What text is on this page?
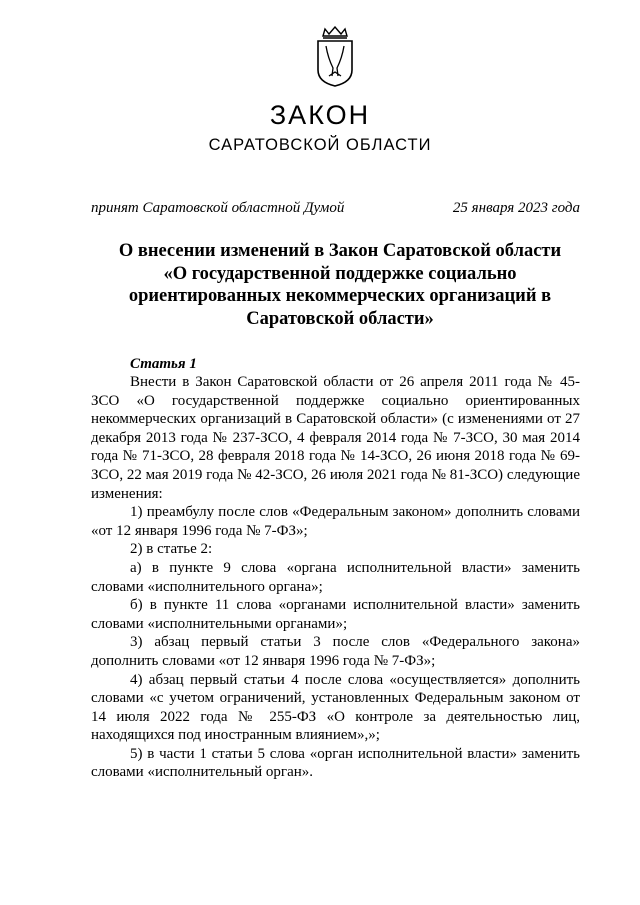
ЗАКОН
САРАТОВСКОЙ ОБЛАСТИ
принят Саратовской областной Думой	25 января 2023 года
О внесении изменений в Закон Саратовской области
«О государственной поддержке социально
ориентированных некоммерческих организаций в
Саратовской области»
Статья 1

Внести в Закон Саратовской области от 26 апреля 2011 года № 45-ЗСО «О государственной поддержке социально ориентированных некоммерческих организаций в Саратовской области» (с изменениями от 27 декабря 2013 года № 237-ЗСО, 4 февраля 2014 года № 7-ЗСО, 30 мая 2014 года № 71-ЗСО, 28 февраля 2018 года № 14-ЗСО, 26 июня 2018 года № 69-ЗСО, 22 мая 2019 года № 42-ЗСО, 26 июля 2021 года № 81-ЗСО) следующие изменения:

1) преамбулу после слов «Федеральным законом» дополнить словами «от 12 января 1996 года № 7-ФЗ»;

2) в статье 2:

а) в пункте 9 слова «органа исполнительной власти» заменить словами «исполнительного органа»;

б) в пункте 11 слова «органами исполнительной власти» заменить словами «исполнительными органами»;

3) абзац первый статьи 3 после слов «Федерального закона» дополнить словами «от 12 января 1996 года № 7-ФЗ»;

4) абзац первый статьи 4 после слова «осуществляется» дополнить словами «с учетом ограничений, установленных Федеральным законом от 14 июля 2022 года № 255-ФЗ «О контроле за деятельностью лиц, находящихся под иностранным влиянием»,»;

5) в части 1 статьи 5 слова «орган исполнительной власти» заменить словами «исполнительный орган».
